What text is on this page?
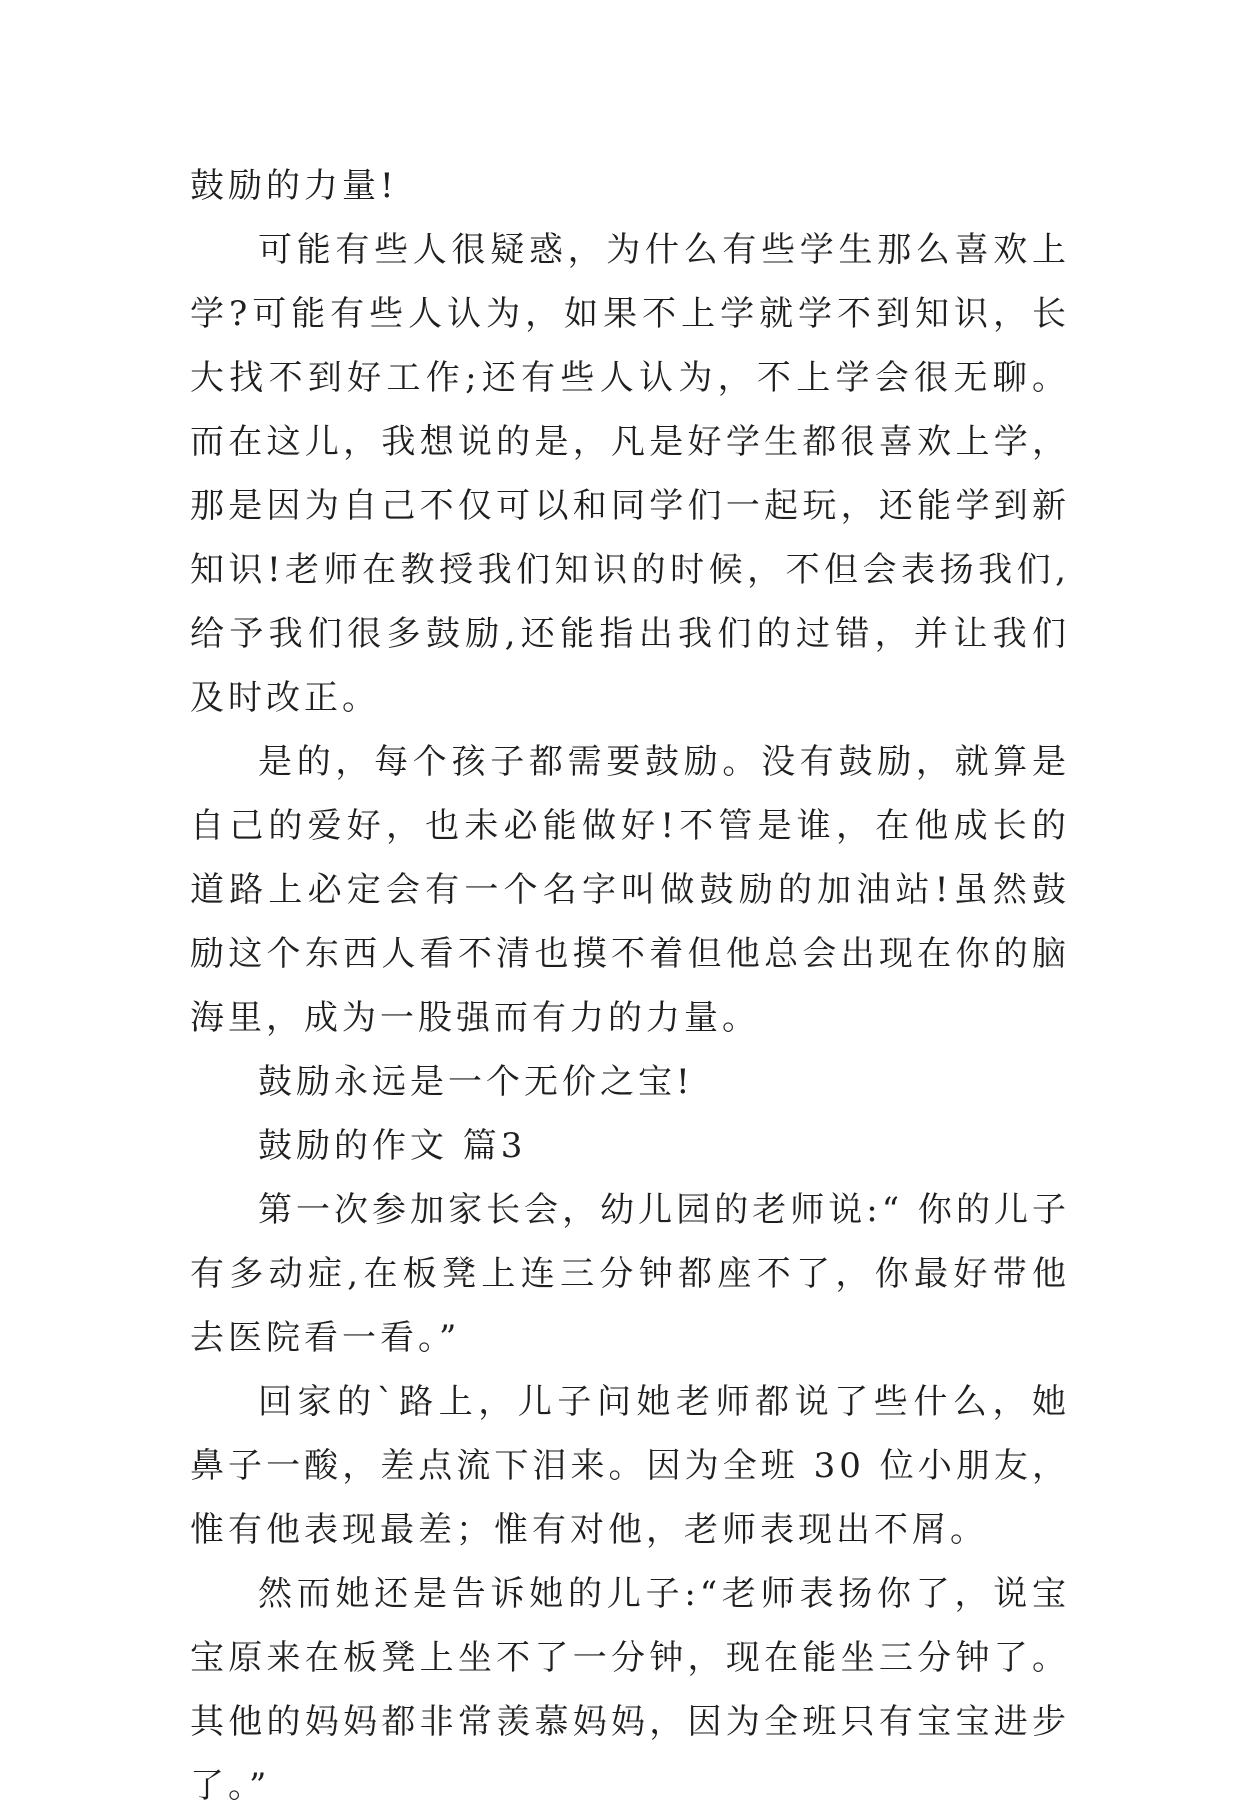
鼓励的力量!

可能有些人很疑惑，为什么有些学生那么喜欢上学?可能有些人认为，如果不上学就学不到知识，长大找不到好工作;还有些人认为，不上学会很无聊。而在这儿，我想说的是，凡是好学生都很喜欢上学，那是因为自己不仅可以和同学们一起玩，还能学到新知识!老师在教授我们知识的时候，不但会表扬我们,给予我们很多鼓励,还能指出我们的过错，并让我们及时改正。

是的，每个孩子都需要鼓励。没有鼓励，就算是自己的爱好，也未必能做好!不管是谁，在他成长的道路上必定会有一个名字叫做鼓励的加油站!虽然鼓励这个东西人看不清也摸不着但他总会出现在你的脑海里，成为一股强而有力的力量。

鼓励永远是一个无价之宝!

鼓励的作文 篇3

第一次参加家长会，幼儿园的老师说:“ 你的儿子有多动症,在板凳上连三分钟都座不了，你最好带他去医院看一看。”

回家的`路上，儿子问她老师都说了些什么，她鼻子一酸，差点流下泪来。因为全班 30 位小朋友，惟有他表现最差；惟有对他，老师表现出不屑。

然而她还是告诉她的儿子:“老师表扬你了，说宝宝原来在板凳上坐不了一分钟，现在能坐三分钟了。其他的妈妈都非常羡慕妈妈，因为全班只有宝宝进步了。”
